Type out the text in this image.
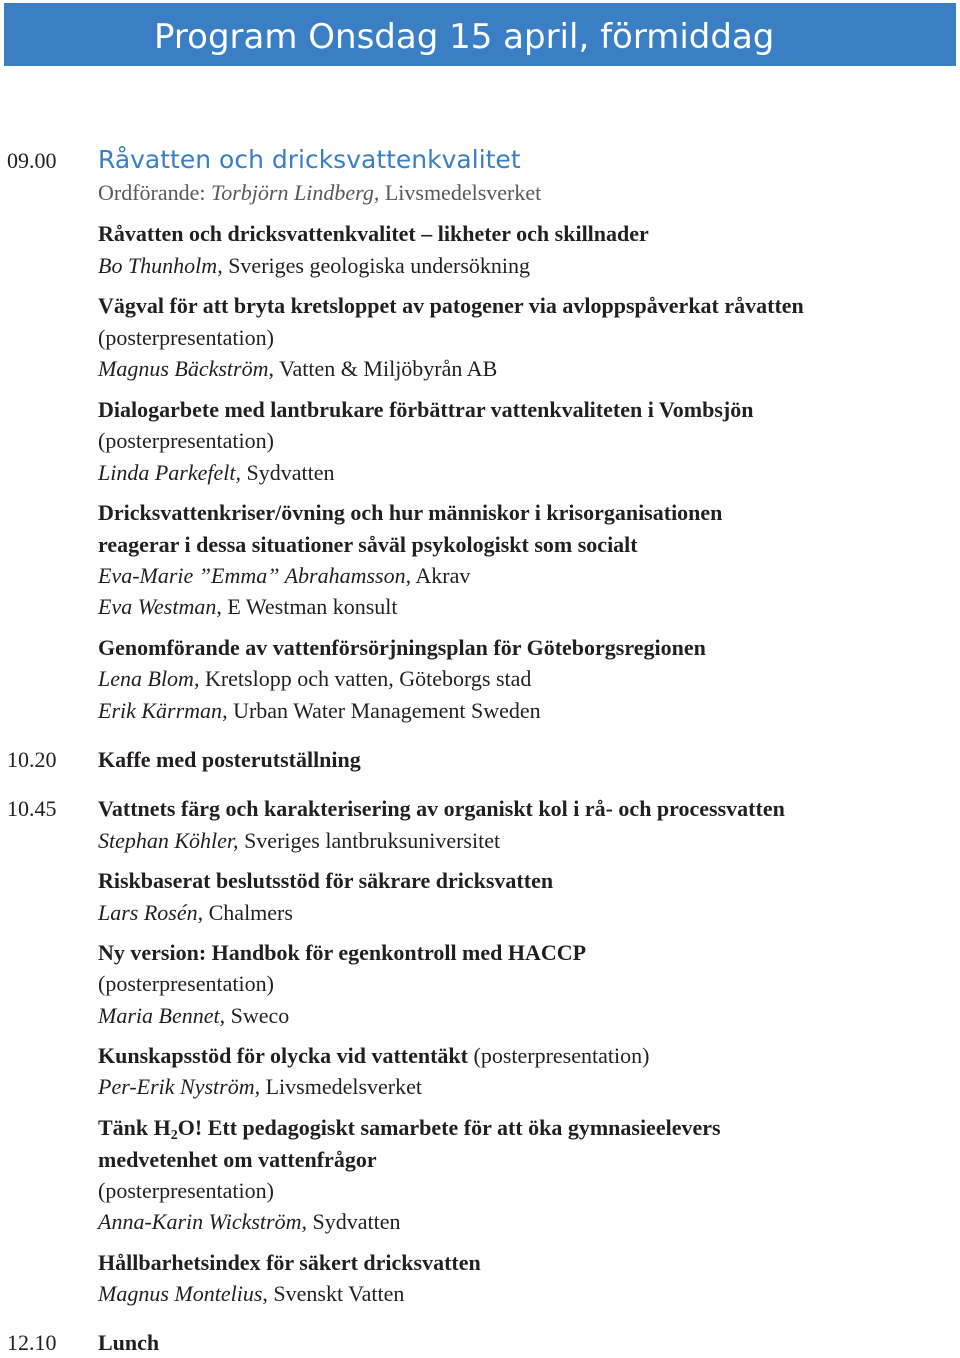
Program Onsdag 15 april, förmiddag
09.00 Råvatten och dricksvattenkvalitet
Ordförande: Torbjörn Lindberg, Livsmedelsverket
Råvatten och dricksvattenkvalitet – likheter och skillnader
Bo Thunholm, Sveriges geologiska undersökning
Vägval för att bryta kretsloppet av patogener via avloppspåverkat råvatten
(posterpresentation)
Magnus Bäckström, Vatten & Miljöbyrån AB
Dialogarbete med lantbrukare förbättrar vattenkvaliteten i Vombsjön
(posterpresentation)
Linda Parkefelt, Sydvatten
Dricksvattenkriser/övning och hur människor i krisorganisationen
reagerar i dessa situationer såväl psykologiskt som socialt
Eva-Marie ”Emma” Abrahamsson, Akrav
Eva Westman, E Westman konsult
Genomförande av vattenförsörjningsplan för Göteborgsregionen
Lena Blom, Kretslopp och vatten, Göteborgs stad
Erik Kärrman, Urban Water Management Sweden
10.20 Kaffe med posterutställning
10.45 Vattnets färg och karakterisering av organiskt kol i rå- och processvatten
Stephan Köhler, Sveriges lantbruksuniversitet
Riskbaserat beslutsstöd för säkrare dricksvatten
Lars Rosén, Chalmers
Ny version: Handbok för egenkontroll med HACCP
(posterpresentation)
Maria Bennet, Sweco
Kunskapsstöd för olycka vid vattentäkt (posterpresentation)
Per-Erik Nyström, Livsmedelsverket
Tänk $H_2O$! Ett pedagogiskt samarbete för att öka gymnasieelevers
medvetenhet om vattenfrågor
(posterpresentation)
Anna-Karin Wickström, Sydvatten
Hållbarhetsindex för säkert dricksvatten
Magnus Montelius, Svenskt Vatten
12.10 Lunch
